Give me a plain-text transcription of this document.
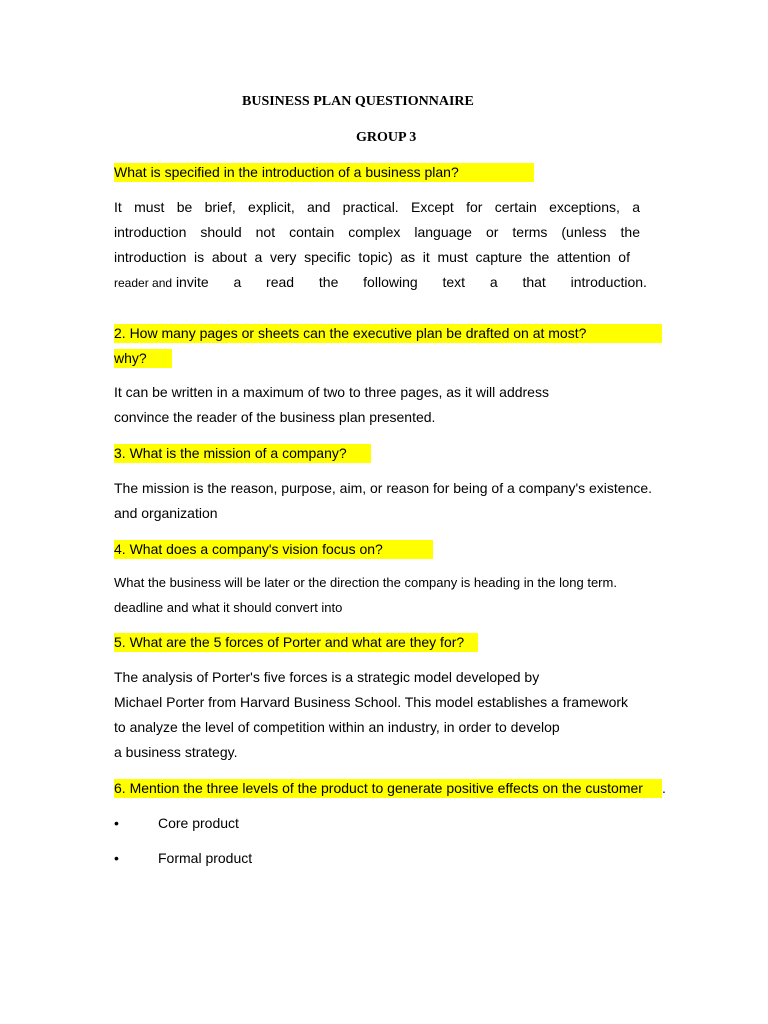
BUSINESS PLAN QUESTIONNAIRE
GROUP 3
What is specified in the introduction of a business plan?
It must be brief, explicit, and practical. Except for certain exceptions, a
introduction should not contain complex language or terms (unless the
introduction is about a very specific topic) as it must capture the attention of
reader and invite a read the following text a that introduction.
2. How many pages or sheets can the executive plan be drafted on at most?
why?
It can be written in a maximum of two to three pages, as it will address
convince the reader of the business plan presented.
3. What is the mission of a company?
The mission is the reason, purpose, aim, or reason for being of a company's existence.
and organization
4. What does a company's vision focus on?
What the business will be later or the direction the company is heading in the long term.
deadline and what it should convert into
5. What are the 5 forces of Porter and what are they for?
The analysis of Porter's five forces is a strategic model developed by
Michael Porter from Harvard Business School. This model establishes a framework
to analyze the level of competition within an industry, in order to develop
a business strategy.
6. Mention the three levels of the product to generate positive effects on the customer .
•	Core product
•	Formal product
